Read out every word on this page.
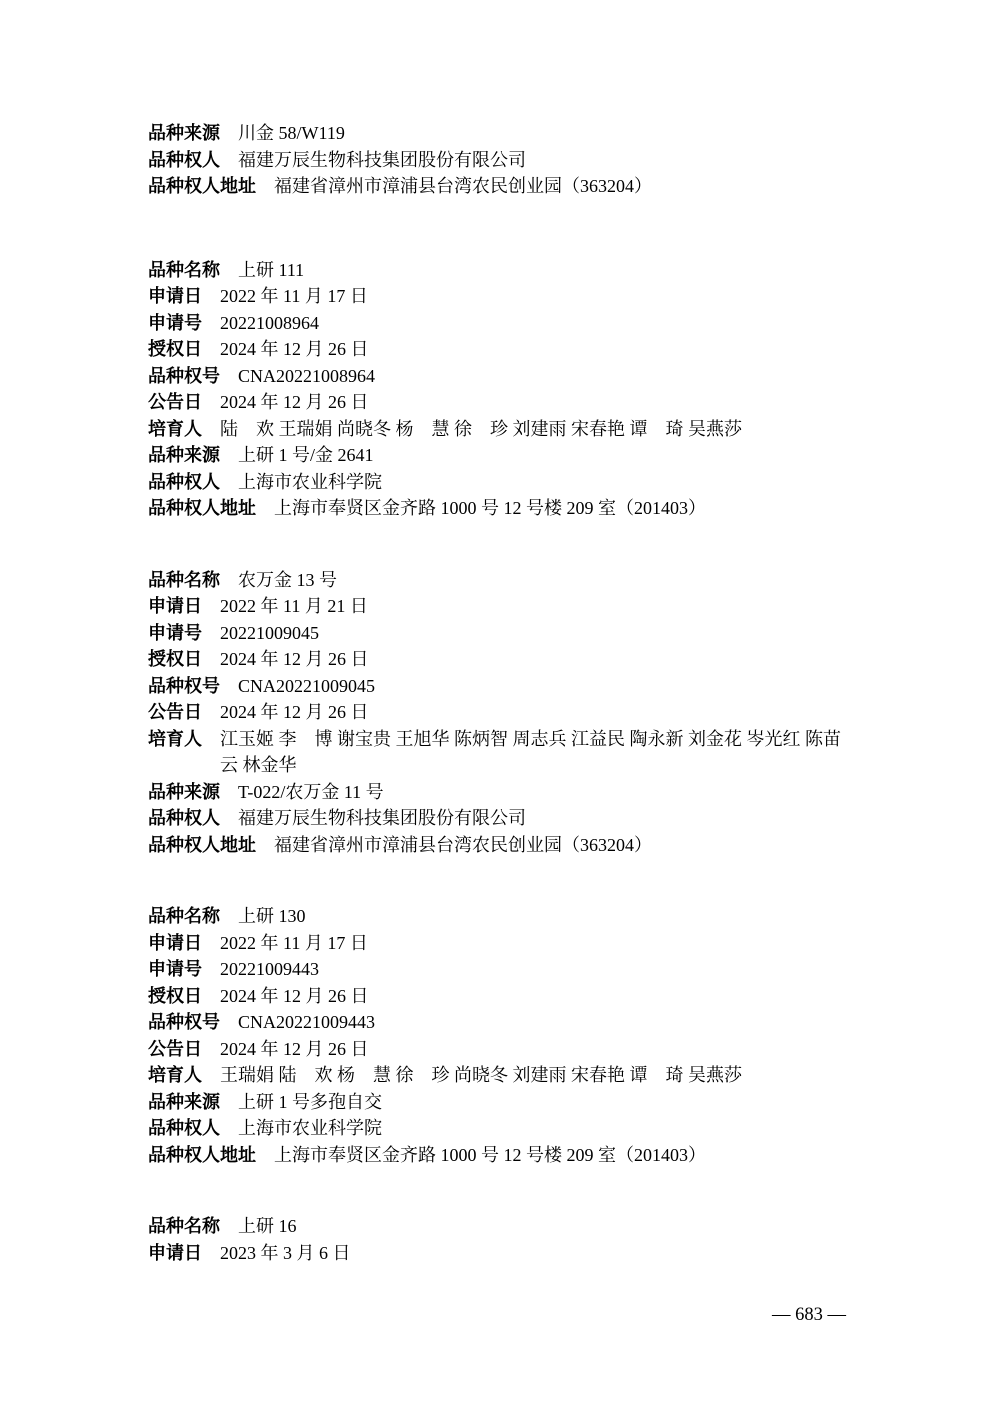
品种来源 川金 58/W119
品种权人 福建万辰生物科技集团股份有限公司
品种权人地址 福建省漳州市漳浦县台湾农民创业园（363204）
品种名称 上研 111
申请日 2022 年 11 月 17 日
申请号 20221008964
授权日 2024 年 12 月 26 日
品种权号 CNA20221008964
公告日 2024 年 12 月 26 日
培育人 陆　欢 王瑞娟 尚晓冬 杨　慧 徐　珍 刘建雨 宋春艳 谭　琦 吴燕莎
品种来源 上研 1 号/金 2641
品种权人 上海市农业科学院
品种权人地址 上海市奉贤区金齐路 1000 号 12 号楼 209 室（201403）
品种名称 农万金 13 号
申请日 2022 年 11 月 21 日
申请号 20221009045
授权日 2024 年 12 月 26 日
品种权号 CNA20221009045
公告日 2024 年 12 月 26 日
培育人 江玉姬 李　博 谢宝贵 王旭华 陈炳智 周志兵 江益民 陶永新 刘金花 岑光红 陈苗云 林金华
品种来源 T-022/农万金 11 号
品种权人 福建万辰生物科技集团股份有限公司
品种权人地址 福建省漳州市漳浦县台湾农民创业园（363204）
品种名称 上研 130
申请日 2022 年 11 月 17 日
申请号 20221009443
授权日 2024 年 12 月 26 日
品种权号 CNA20221009443
公告日 2024 年 12 月 26 日
培育人 王瑞娟 陆　欢 杨　慧 徐　珍 尚晓冬 刘建雨 宋春艳 谭　琦 吴燕莎
品种来源 上研 1 号多孢自交
品种权人 上海市农业科学院
品种权人地址 上海市奉贤区金齐路 1000 号 12 号楼 209 室（201403）
品种名称 上研 16
申请日 2023 年 3 月 6 日
— 683 —
